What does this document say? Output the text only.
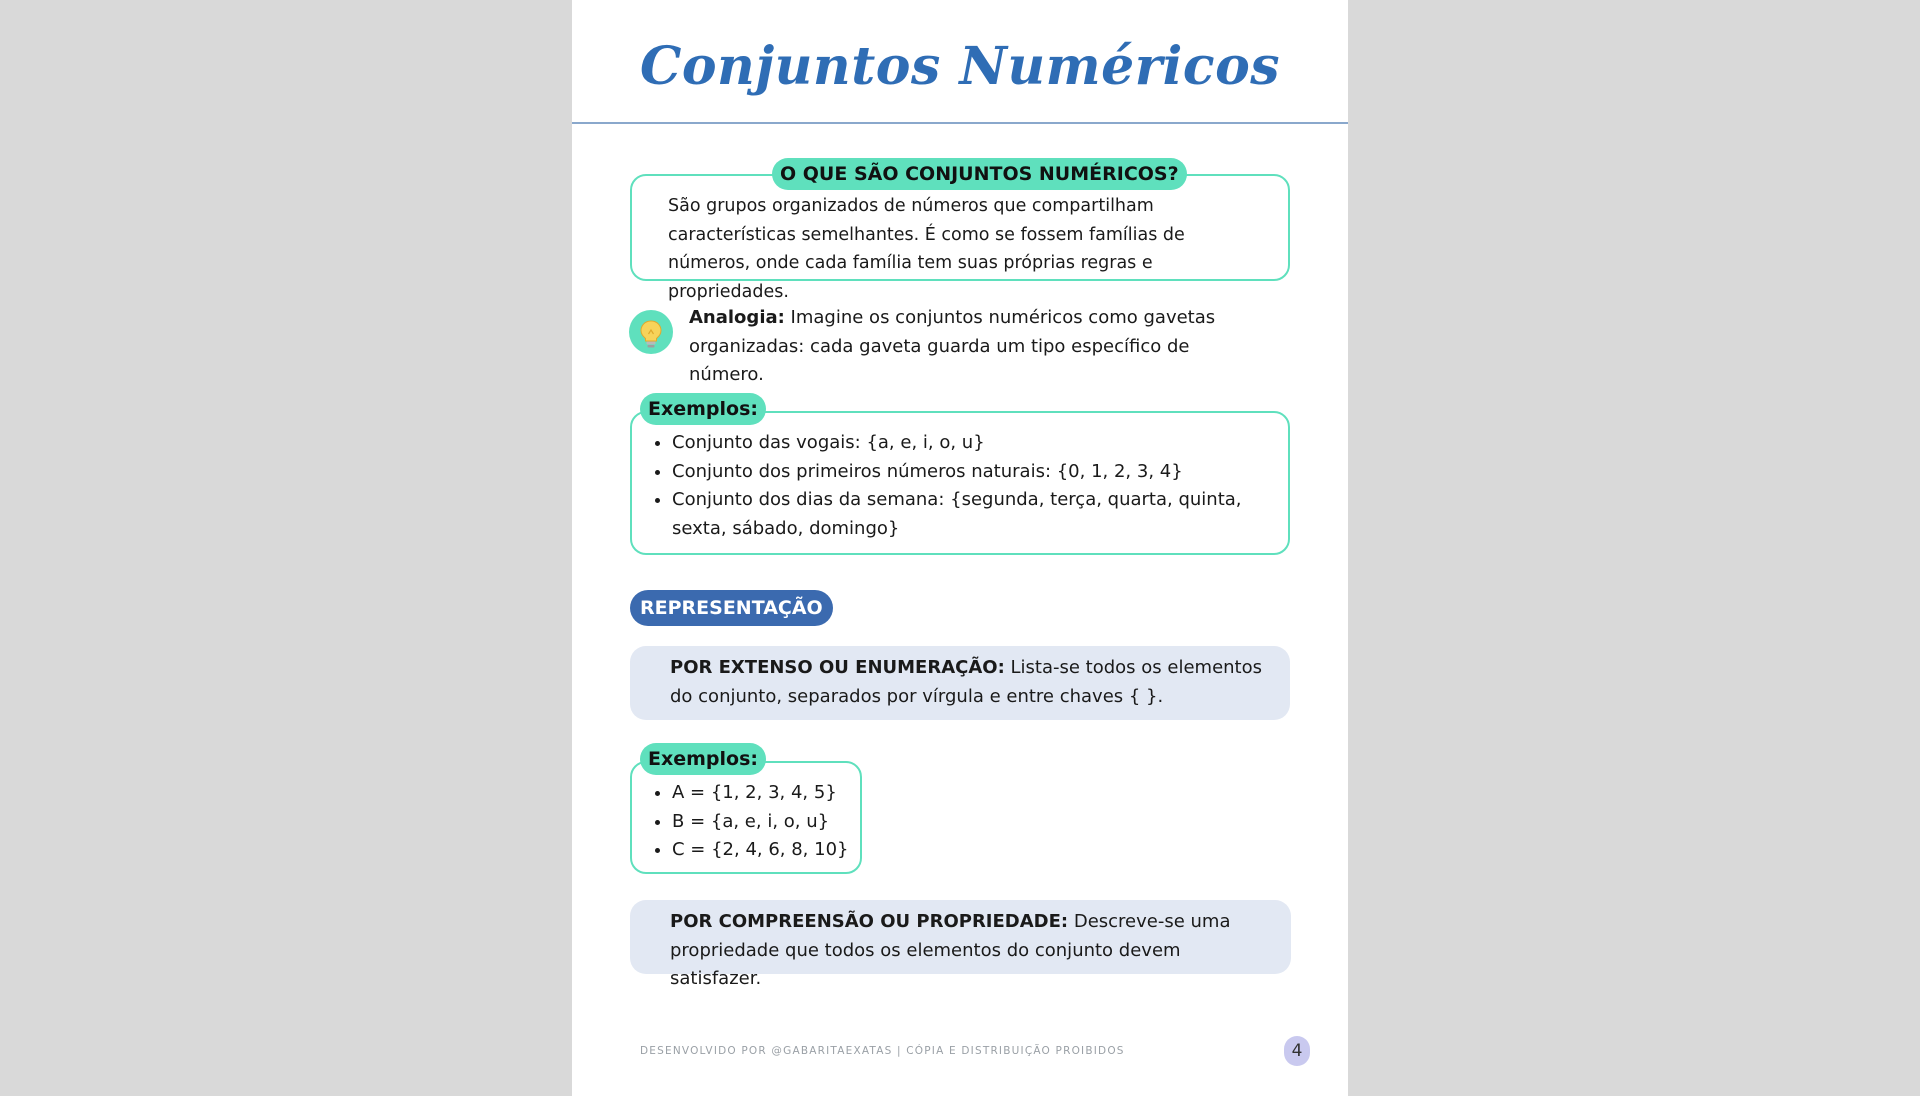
Conjuntos Numéricos
São grupos organizados de números que compartilham características semelhantes. É como se fossem famílias de números, onde cada família tem suas próprias regras e propriedades.
O QUE SÃO CONJUNTOS NUMÉRICOS?
Analogia: Imagine os conjuntos numéricos como gavetas organizadas: cada gaveta guarda um tipo específico de número.
• Conjunto das vogais: {a, e, i, o, u}
• Conjunto dos primeiros números naturais: {0, 1, 2, 3, 4}
• Conjunto dos dias da semana: {segunda, terça, quarta, quinta, sexta, sábado, domingo}
Exemplos:
REPRESENTAÇÃO
POR EXTENSO OU ENUMERAÇÃO: Lista-se todos os elementos do conjunto, separados por vírgula e entre chaves { }.
• A = {1, 2, 3, 4, 5}
• B = {a, e, i, o, u}
• C = {2, 4, 6, 8, 10}
Exemplos:
POR COMPREENSÃO OU PROPRIEDADE: Descreve-se uma propriedade que todos os elementos do conjunto devem satisfazer.
DESENVOLVIDO POR @GABARITAEXATAS | CÓPIA E DISTRIBUIÇÃO PROIBIDOS	4
